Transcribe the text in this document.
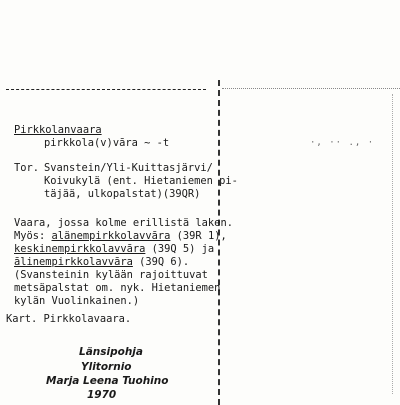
·, ·· ., ·
Pirkkolanvaara
pirkkola(v)vāra ~ -t
Tor. Svanstein/Yli-Kuittasjärvi/
Koivukylä (ent. Hietaniemen pi-
täjää, ulkopalstat)(39QR)
Vaara, jossa kolme erillistä laken.
Myös: alänempirkkolavvāra (39R 1),
keskinempirkkolavvāra (39Q 5) ja
ālinempirkkolavvāra (39Q 6).
(Svansteinin kylään rajoittuvat
metsäpalstat om. nyk. Hietaniemen
kylän Vuolinkainen.)
Kart. Pirkkolavaara.
Länsipohja
Ylitornio
Marja Leena Tuohino
1970
